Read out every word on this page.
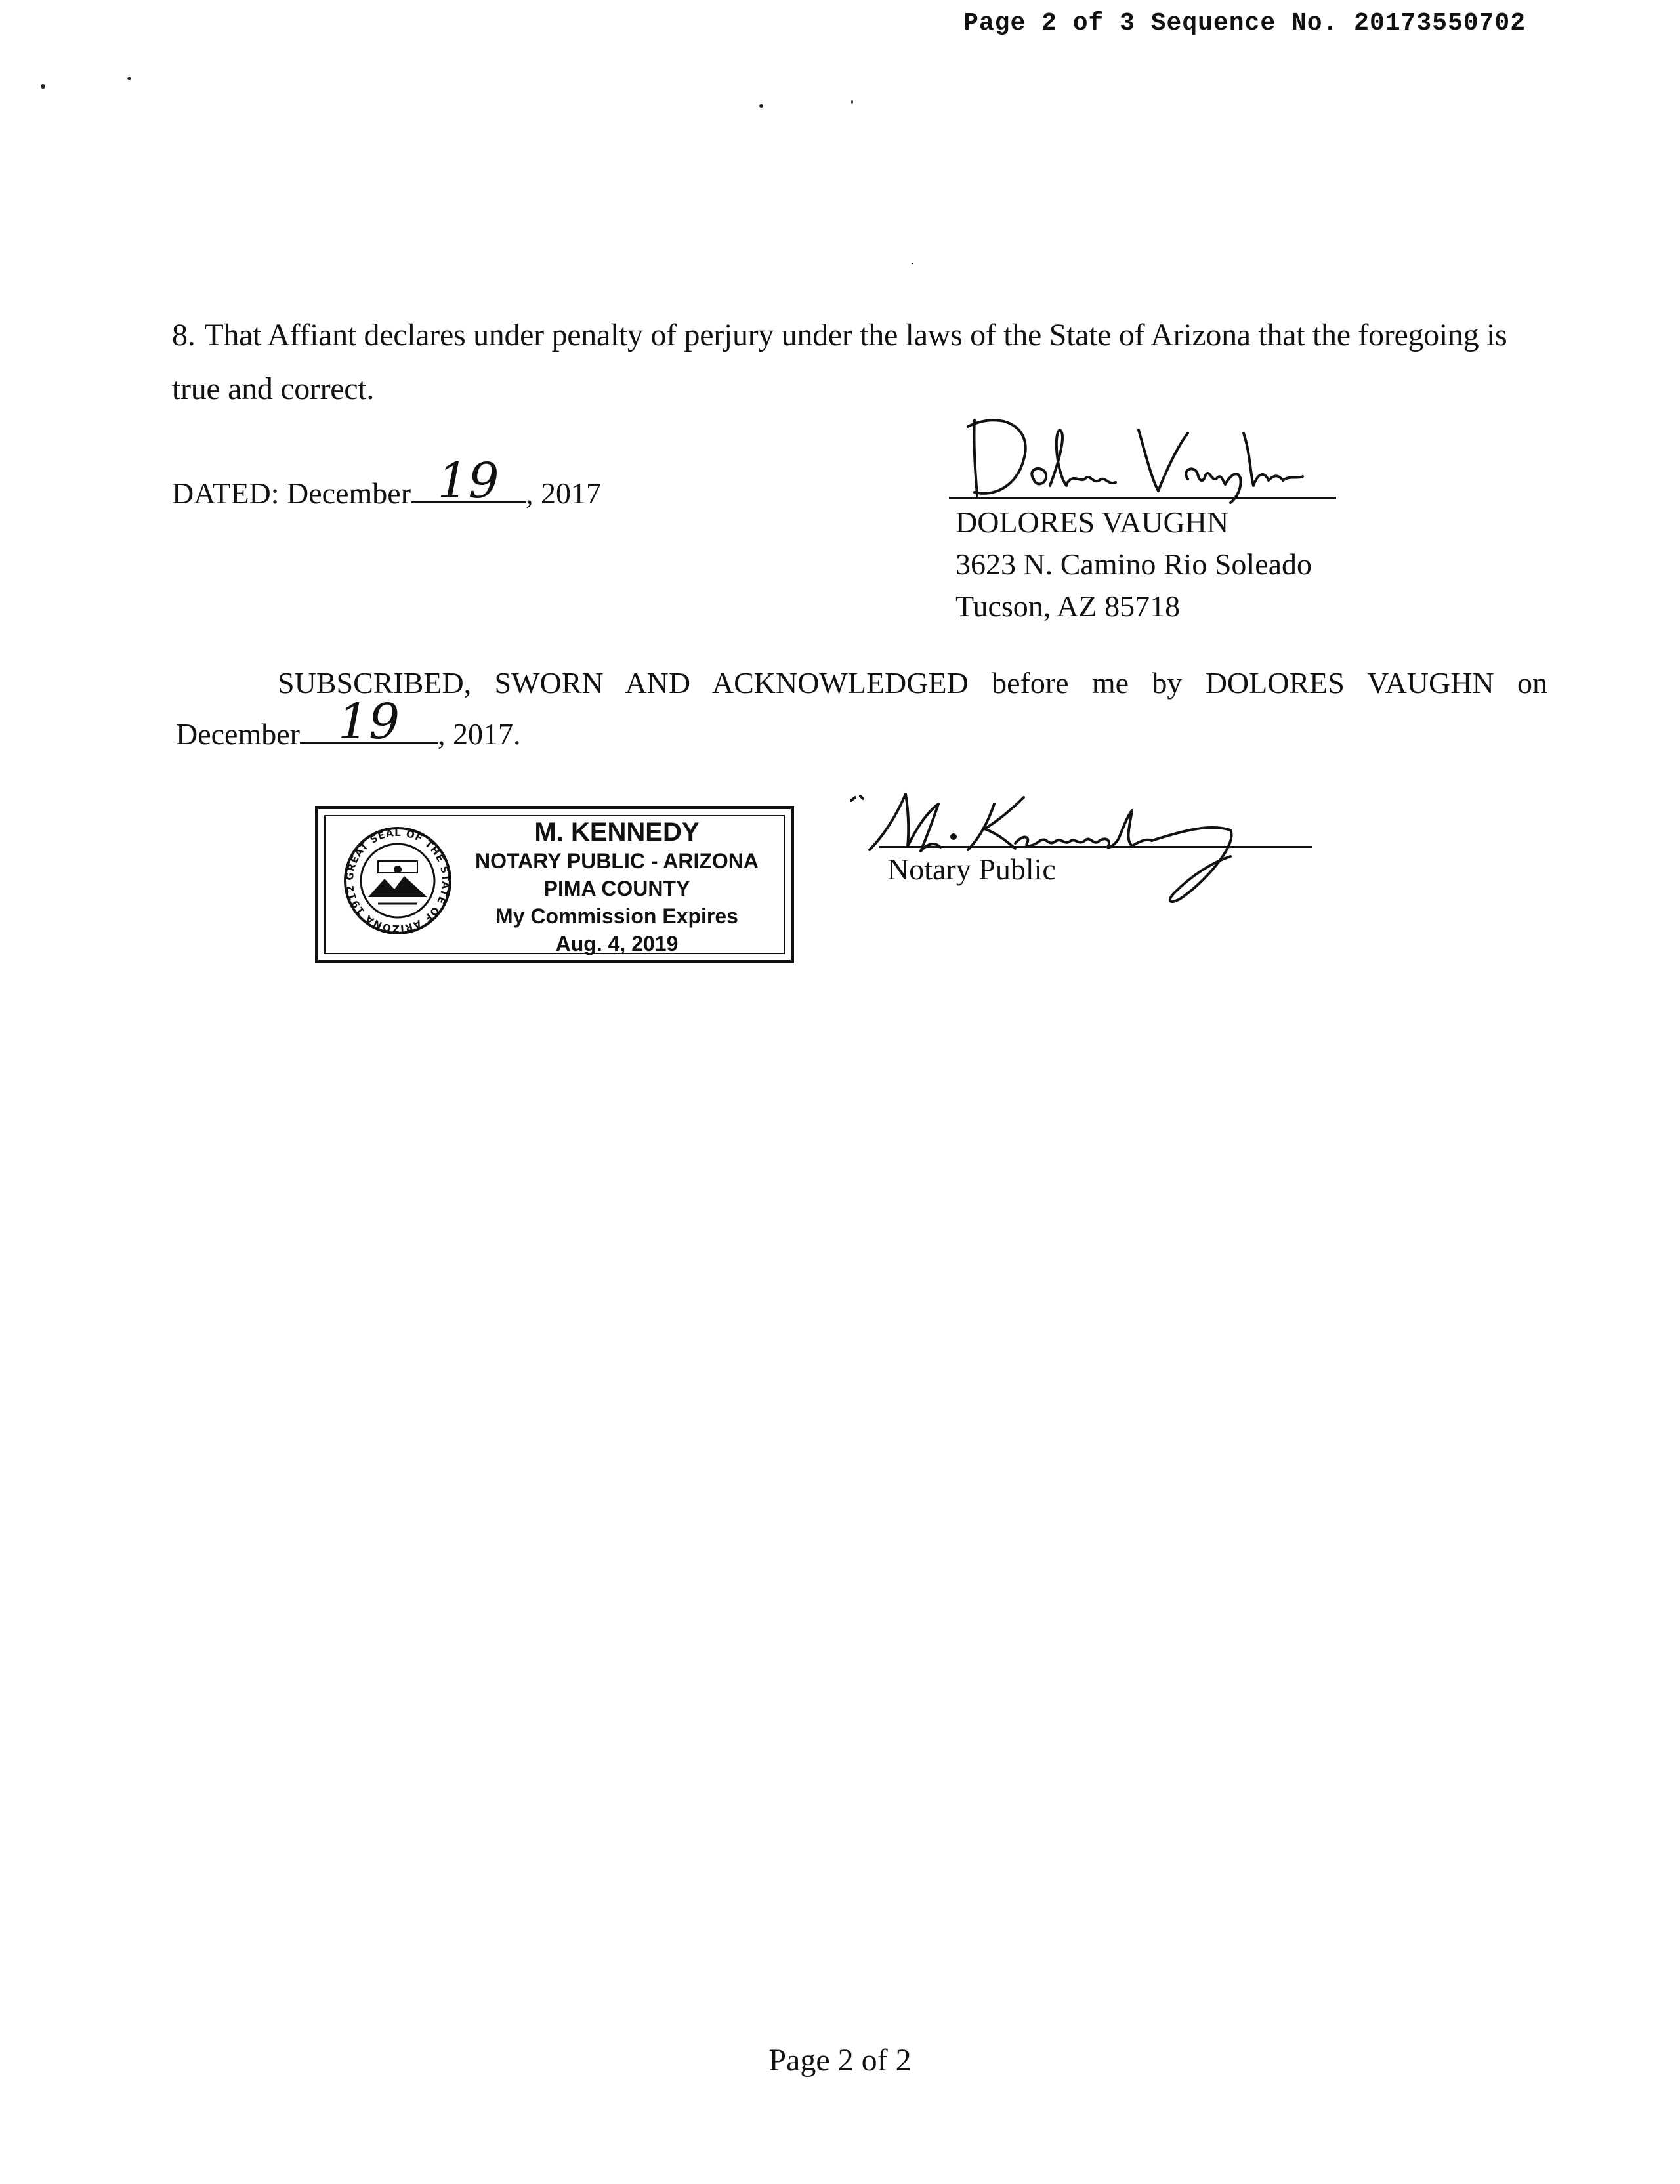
Page 2 of 3 Sequence No. 20173550702
8. That Affiant declares under penalty of perjury under the laws of the State of Arizona that the foregoing is true and correct.
DATED: December 19 , 2017
DOLORES VAUGHN
3623 N. Camino Rio Soleado
Tucson, AZ 85718
SUBSCRIBED, SWORN AND ACKNOWLEDGED before me by DOLORES VAUGHN on
December 19	, 2017.
GREAT SEAL OF THE STATE OF ARIZONA 1912
M. KENNEDY
NOTARY PUBLIC - ARIZONA
PIMA COUNTY
My Commission Expires
Aug. 4, 2019
Notary Public
Page 2 of 2
